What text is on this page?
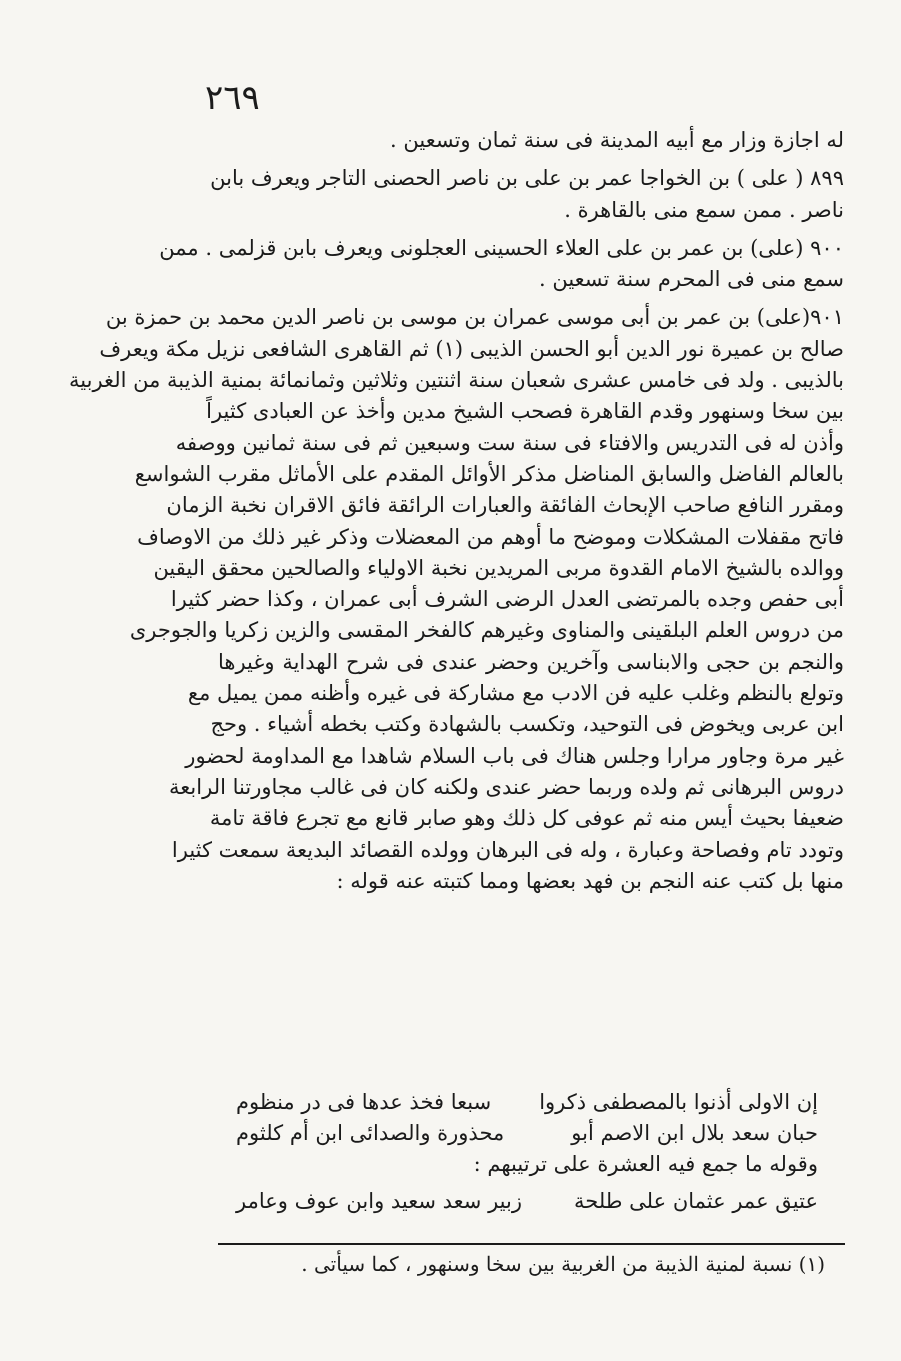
٢٦٩
له اجازة وزار مع أبيه المدينة فى سنة ثمان وتسعين .
٨٩٩ ( على ) بن الخواجا عمر بن على بن ناصر الحصنى التاجر ويعرف بابن
ناصر . ممن سمع منى بالقاهرة .
٩٠٠ (على) بن عمر بن على العلاء الحسينى العجلونى ويعرف بابن قزلمى . ممن
سمع منى فى المحرم سنة تسعين .
٩٠١(على) بن عمر بن أبى موسى عمران بن موسى بن ناصر الدين محمد بن حمزة بن
صالح بن عميرة نور الدين أبو الحسن الذيبى (١) ثم القاهرى الشافعى نزيل مكة ويعرف
بالذيبى . ولد فى خامس عشرى شعبان سنة اثنتين وثلاثين وثمانمائة بمنية الذيبة من الغربية
بين سخا وسنهور وقدم القاهرة فصحب الشيخ مدين وأخذ عن العبادى كثيراً
وأذن له فى التدريس والافتاء فى سنة ست وسبعين ثم فى سنة ثمانين ووصفه
بالعالم الفاضل والسابق المناضل مذكر الأوائل المقدم على الأماثل مقرب الشواسع
ومقرر النافع صاحب الإبحاث الفائقة والعبارات الرائقة فائق الاقران نخبة الزمان
فاتح مقفلات المشكلات وموضح ما أوهم من المعضلات وذكر غير ذلك من الاوصاف
ووالده بالشيخ الامام القدوة مربى المريدين نخبة الاولياء والصالحين محقق اليقين
أبى حفص وجده بالمرتضى العدل الرضى الشرف أبى عمران ، وكذا حضر كثيرا
من دروس العلم البلقينى والمناوى وغيرهم كالفخر المقسى والزين زكريا والجوجرى
والنجم بن حجى والابناسى وآخرين وحضر عندى فى شرح الهداية وغيرها
وتولع بالنظم وغلب عليه فن الادب مع مشاركة فى غيره وأظنه ممن يميل مع
ابن عربى ويخوض فى التوحيد، وتكسب بالشهادة وكتب بخطه أشياء . وحج
غير مرة وجاور مرارا وجلس هناك فى باب السلام شاهدا مع المداومة لحضور
دروس البرهانى ثم ولده وربما حضر عندى ولكنه كان فى غالب مجاورتنا الرابعة
ضعيفا بحيث أيس منه ثم عوفى كل ذلك وهو صابر قانع مع تجرع فاقة تامة
وتودد تام وفصاحة وعبارة ، وله فى البرهان وولده القصائد البديعة سمعت كثيرا
منها بل كتب عنه النجم بن فهد بعضها ومما كتبته عنه قوله :
إن الاولى أذنوا بالمصطفى ذكروا
سبعا فخذ عدها فى در منظوم
حبان سعد بلال ابن الاصم أبو
محذورة والصدائى ابن أم كلثوم
وقوله ما جمع فيه العشرة على ترتيبهم :
عتيق عمر عثمان على طلحة
زبير سعد سعيد وابن عوف وعامر
(١) نسبة لمنية الذيبة من الغربية بين سخا وسنهور ، كما سيأتى .
